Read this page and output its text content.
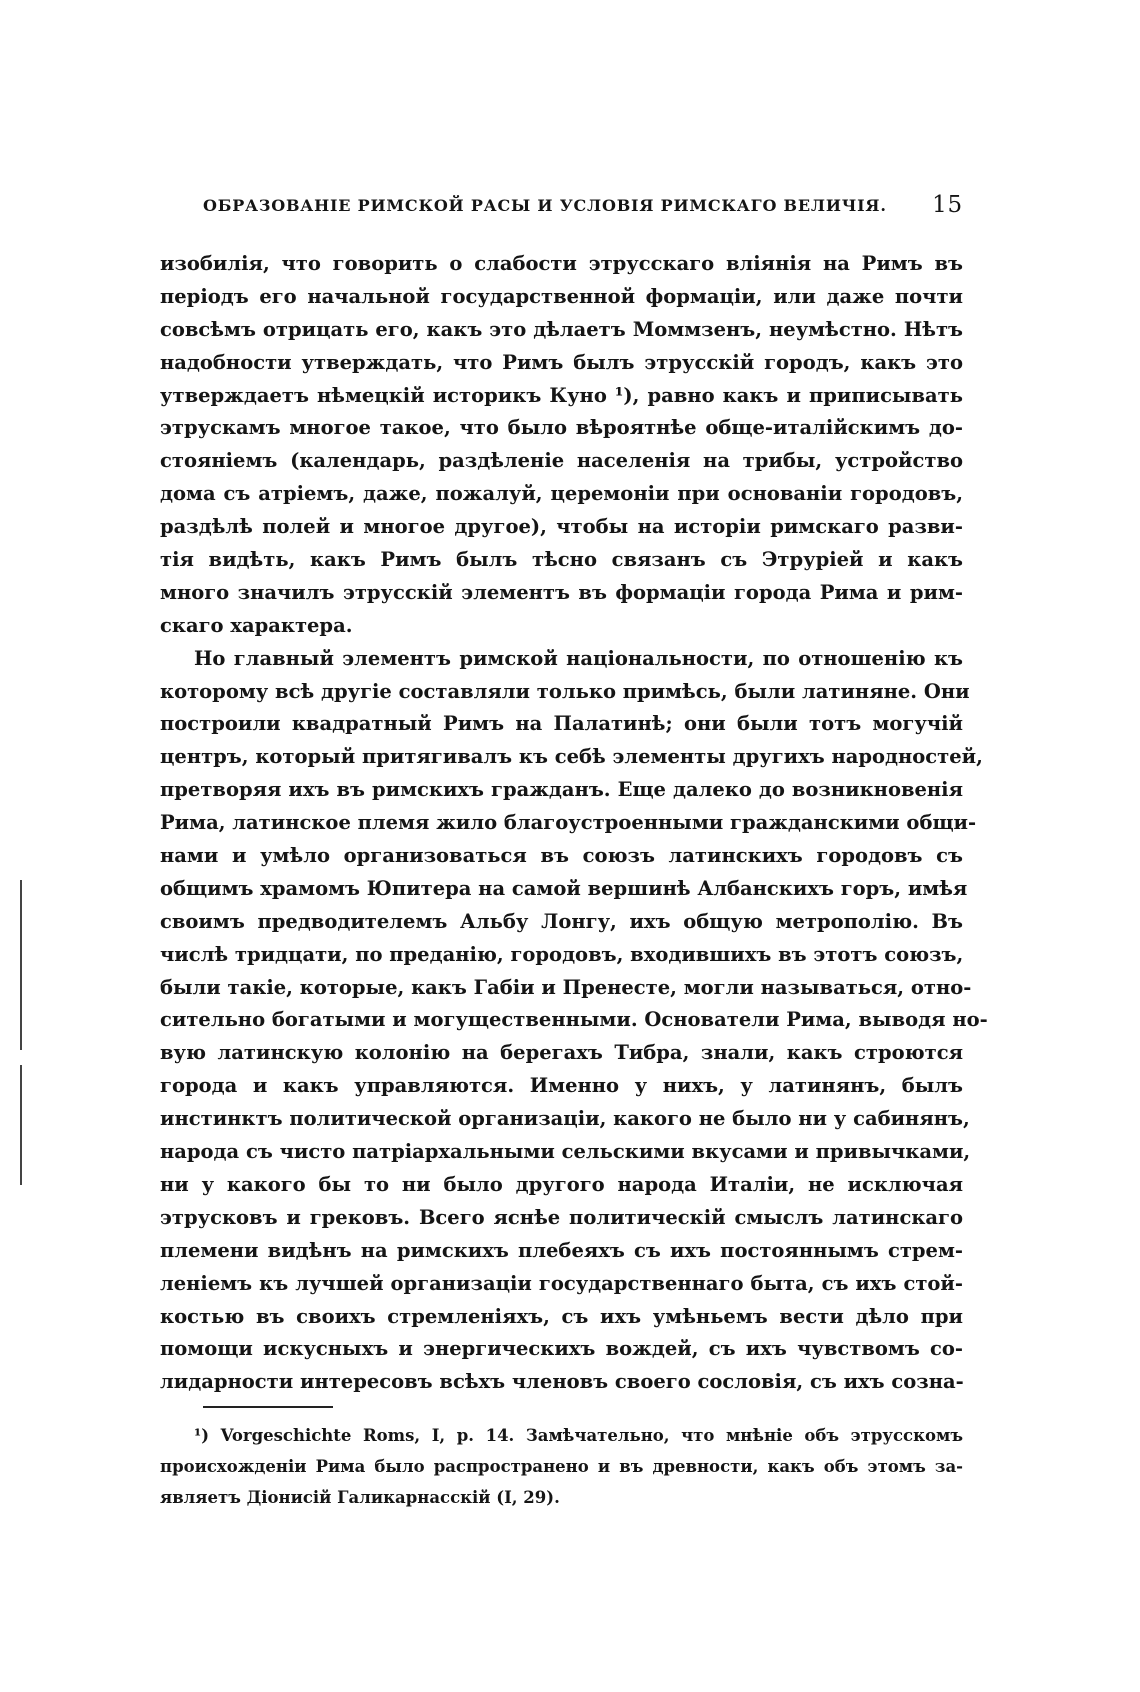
ОБРАЗОВАНІЕ РИМСКОЙ РАСЫ И УСЛОВІЯ РИМСКАГО ВЕЛИЧІЯ. 15
изобилія, что говорить о слабости этрусскаго вліянія на Римъ въ
періодъ его начальной государственной формаціи, или даже почти
совсѣмъ отрицать его, какъ это дѣлаетъ Моммзенъ, неумѣстно. Нѣтъ
надобности утверждать, что Римъ былъ этрусскій городъ, какъ это
утверждаетъ нѣмецкій историкъ Куно ¹), равно какъ и приписывать
этрускамъ многое такое, что было вѣроятнѣе обще-италійскимъ до-
стояніемъ (календарь, раздѣленіе населенія на трибы, устройство
дома съ атріемъ, даже, пожалуй, церемоніи при основаніи городовъ,
раздѣлѣ полей и многое другое), чтобы на исторіи римскаго разви-
тія видѣть, какъ Римъ былъ тѣсно связанъ съ Этруріей и какъ
много значилъ этрусскій элементъ въ формаціи города Рима и рим-
скаго характера.
Но главный элементъ римской національности, по отношенію къ
которому всѣ другіе составляли только примѣсь, были латиняне. Они
построили квадратный Римъ на Палатинѣ; они были тотъ могучій
центръ, который притягивалъ къ себѣ элементы другихъ народностей,
претворяя ихъ въ римскихъ гражданъ. Еще далеко до возникновенія
Рима, латинское племя жило благоустроенными гражданскими общи-
нами и умѣло организоваться въ союзъ латинскихъ городовъ съ
общимъ храмомъ Юпитера на самой вершинѣ Албанскихъ горъ, имѣя
своимъ предводителемъ Альбу Лонгу, ихъ общую метрополію. Въ
числѣ тридцати, по преданію, городовъ, входившихъ въ этотъ союзъ,
были такіе, которые, какъ Габіи и Пренесте, могли называться, отно-
сительно богатыми и могущественными. Основатели Рима, выводя но-
вую латинскую колонію на берегахъ Тибра, знали, какъ строются
города и какъ управляются. Именно у нихъ, у латинянъ, былъ
инстинктъ политической организаціи, какого не было ни у сабинянъ,
народа съ чисто патріархальными сельскими вкусами и привычками,
ни у какого бы то ни было другого народа Италіи, не исключая
этрусковъ и грековъ. Всего яснѣе политическій смыслъ латинскаго
племени видѣнъ на римскихъ плебеяхъ съ ихъ постояннымъ стрем-
леніемъ къ лучшей организаціи государственнаго быта, съ ихъ стой-
костью въ своихъ стремленіяхъ, съ ихъ умѣньемъ вести дѣло при
помощи искусныхъ и энергическихъ вождей, съ ихъ чувствомъ со-
лидарности интересовъ всѣхъ членовъ своего сословія, съ ихъ созна-
¹) Vorgeschichte Roms, I, p. 14. Замѣчательно, что мнѣніе объ этрусскомъ
происхожденіи Рима было распространено и въ древности, какъ объ этомъ за-
являетъ Діонисій Галикарнасскій (I, 29).
